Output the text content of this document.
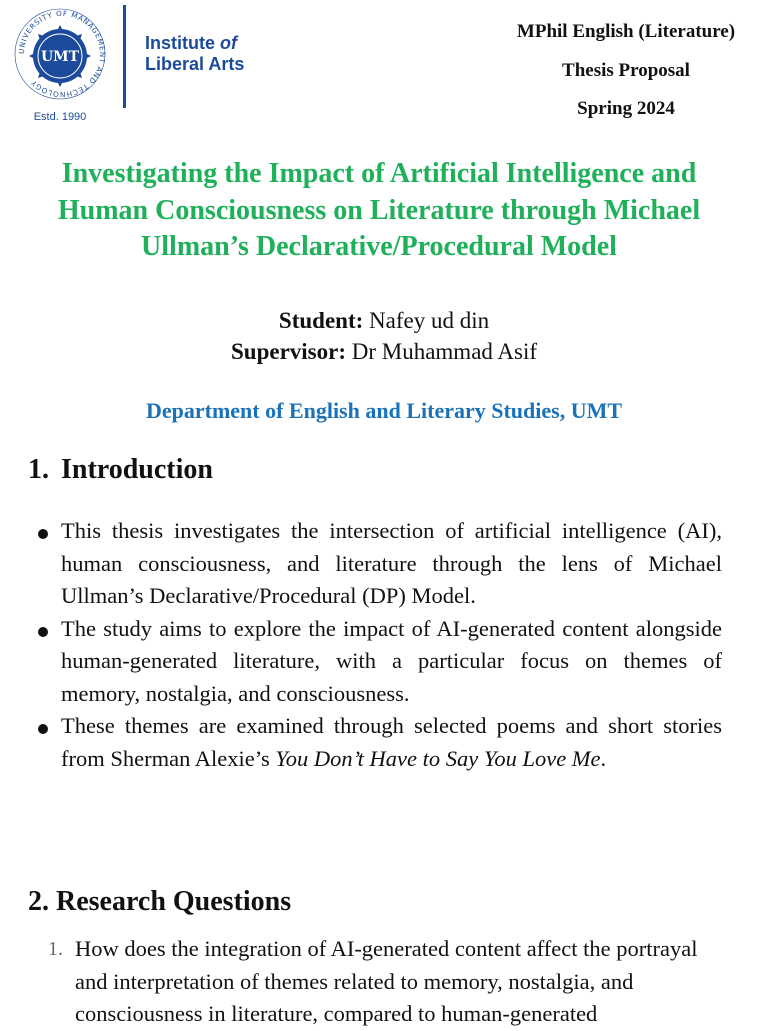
UNIVERSITY OF MANAGEMENT AND TECHNOLOGY
UMT
Estd. 1990
Institute of
Liberal Arts
MPhil English (Literature)
Thesis Proposal
Spring 2024
Investigating the Impact of Artificial Intelligence and Human Consciousness on Literature through Michael Ullman’s Declarative/Procedural Model
Student: Nafey ud din
Supervisor: Dr Muhammad Asif
Department of English and Literary Studies, UMT
1. Introduction
This thesis investigates the intersection of artificial intelligence (AI), human consciousness, and literature through the lens of Michael Ullman’s Declarative/Procedural (DP) Model.
The study aims to explore the impact of AI-generated content alongside human-generated literature, with a particular focus on themes of memory, nostalgia, and consciousness.
These themes are examined through selected poems and short stories from Sherman Alexie’s You Don’t Have to Say You Love Me.
2. Research Questions
1. How does the integration of AI-generated content affect the portrayal and interpretation of themes related to memory, nostalgia, and consciousness in literature, compared to human-generated
